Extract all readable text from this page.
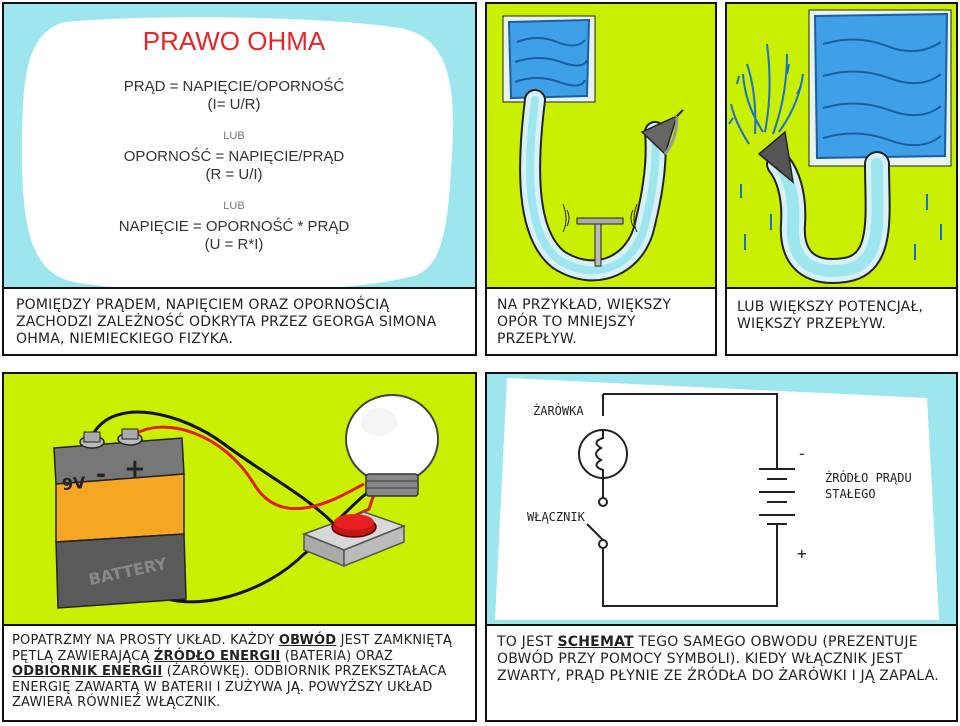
PRAWO OHMA
PRĄD = NAPIĘCIE/OPORNOŚĆ
(I= U/R)
LUB
OPORNOŚĆ = NAPIĘCIE/PRĄD
(R = U/I)
LUB
NAPIĘCIE = OPORNOŚĆ * PRĄD
(U = R*I)
POMIĘDZY PRĄDEM, NAPIĘCIEM ORAZ OPORNOŚCIĄ ZACHODZI ZALEŻNOŚĆ ODKRYTA PRZEZ GEORGA SIMONA OHMA, NIEMIECKIEGO FIZYKA.
NA PRZYKŁAD, WIĘKSZY OPÓR TO MNIEJSZY PRZEPŁYW.
LUB WIĘKSZY POTENCJAŁ, WIĘKSZY PRZEPŁYW.
9V - +
BATTERY
POPATRZMY NA PROSTY UKŁAD. KAŻDY OBWÓD JEST ZAMKNIĘTĄ PĘTLĄ ZAWIERAJĄCĄ ŹRÓDŁO ENERGII (BATERIA) ORAZ ODBIORNIK ENERGII (ŻARÓWKĘ). ODBIORNIK PRZEKSZTAŁACA ENERGIĘ ZAWARTĄ W BATERII I ZUŻYWA JĄ. POWYŻSZY UKŁAD ZAWIERA RÓWNIEŻ WŁĄCZNIK.
ŻARÓWKA
-
ŹRÓDŁO PRĄDU STAŁEGO
WŁĄCZNIK
+
TO JEST SCHEMAT TEGO SAMEGO OBWODU (PREZENTUJE OBWÓD PRZY POMOCY SYMBOLI). KIEDY WŁĄCZNIK JEST ZWARTY, PRĄD PŁYNIE ZE ŹRÓDŁA DO ŻARÓWKI I JĄ ZAPALA.
